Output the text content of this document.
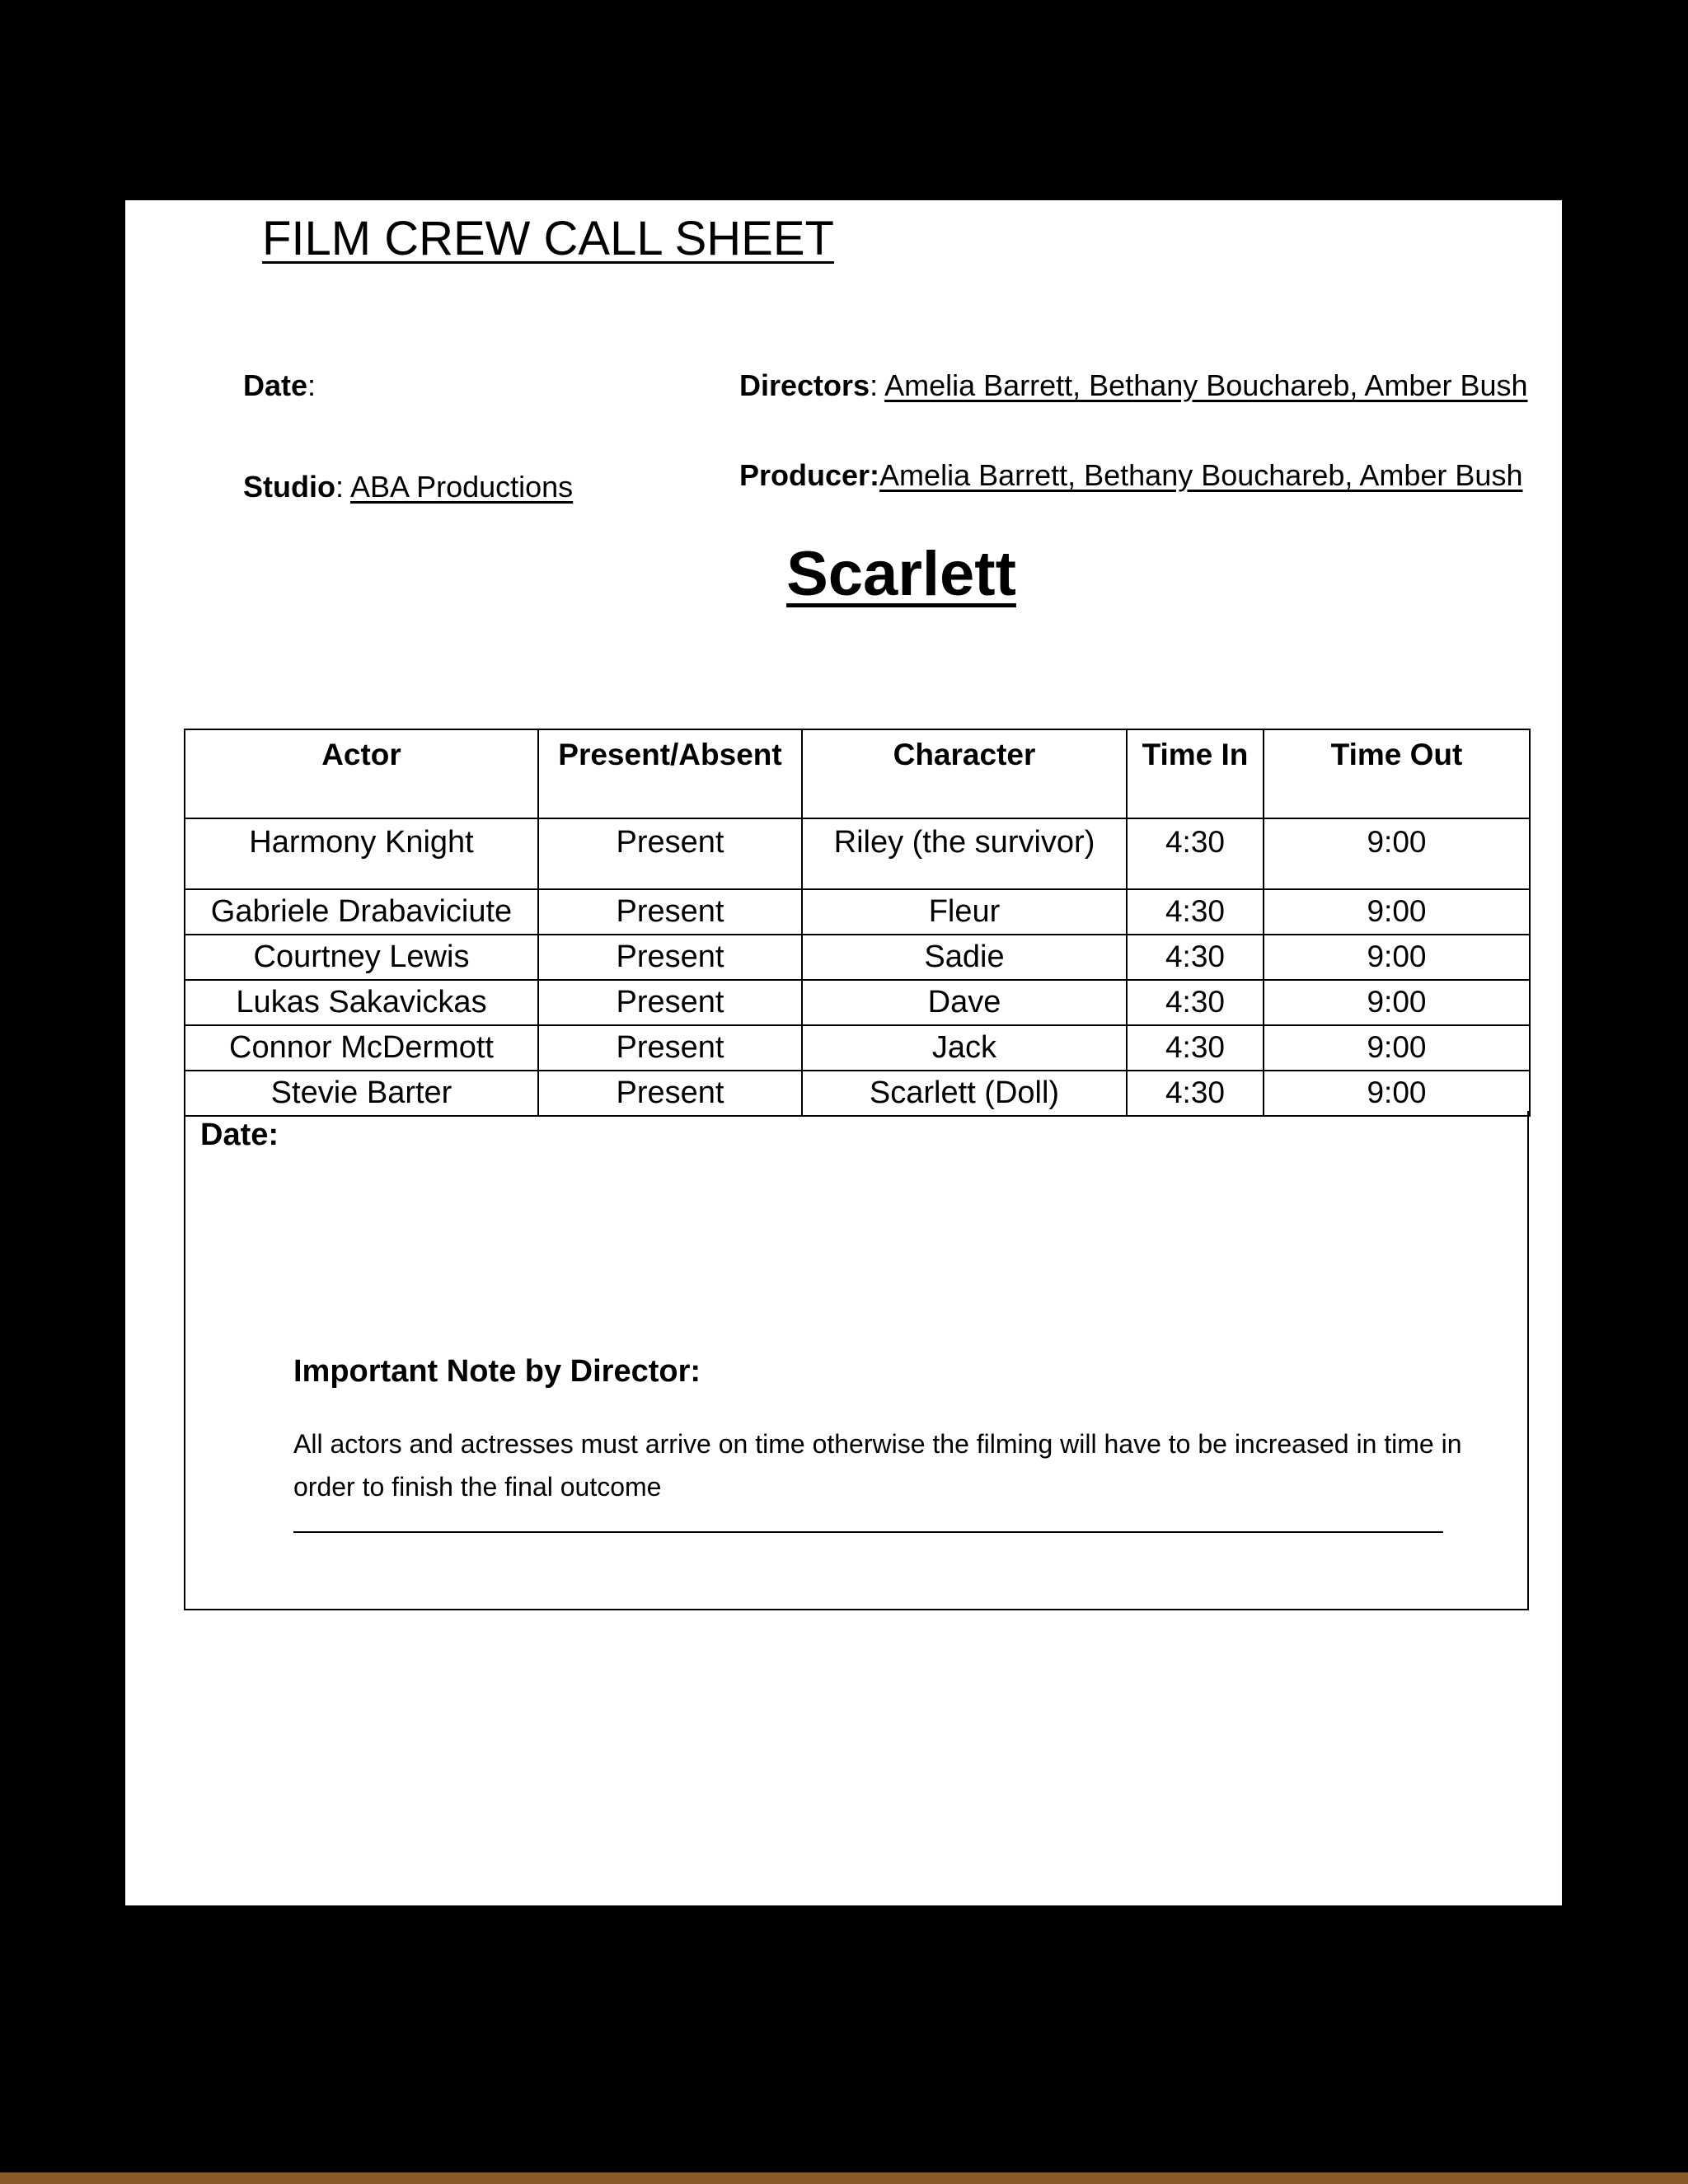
FILM CREW CALL SHEET
Date:
Studio: ABA Productions
Directors: Amelia Barrett, Bethany Bouchareb, Amber Bush
Producer:Amelia Barrett, Bethany Bouchareb, Amber Bush
Scarlett
Actor	Present/Absent	Character	Time In	Time Out
Harmony Knight	Present	Riley (the survivor)	4:30	9:00
Gabriele Drabaviciute	Present	Fleur	4:30	9:00
Courtney Lewis	Present	Sadie	4:30	9:00
Lukas Sakavickas	Present	Dave	4:30	9:00
Connor McDermott	Present	Jack	4:30	9:00
Stevie Barter	Present	Scarlett (Doll)	4:30	9:00
Date:
Important Note by Director:
All actors and actresses must arrive on time otherwise the filming will have to be increased in time in order to finish the final outcome
